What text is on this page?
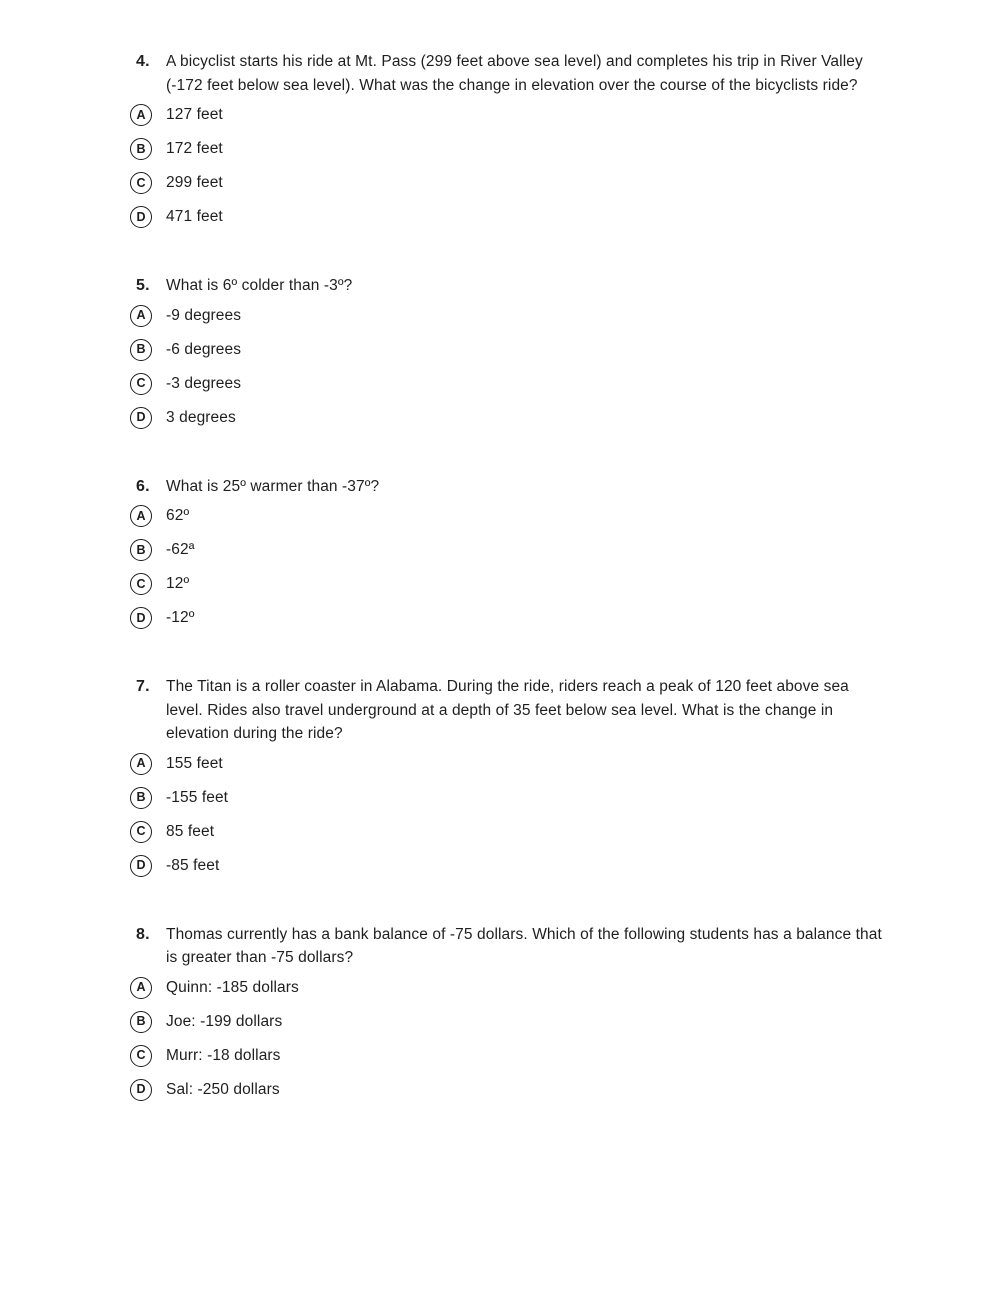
4.	A bicyclist starts his ride at Mt. Pass (299 feet above sea level) and completes his trip in River Valley (-172 feet below sea level). What was the change in elevation over the course of the bicyclists ride?
A 127 feet
B 172 feet
C 299 feet
D 471 feet
5.	What is 6º colder than -3º?
A -9 degrees
B -6 degrees
C -3 degrees
D 3 degrees
6.	What is 25º warmer than -37º?
A 62º
B -62ª
C 12º
D -12º
7.	The Titan is a roller coaster in Alabama. During the ride, riders reach a peak of 120 feet above sea level. Rides also travel underground at a depth of 35 feet below sea level. What is the change in elevation during the ride?
A 155 feet
B -155 feet
C 85 feet
D -85 feet
8.	Thomas currently has a bank balance of -75 dollars. Which of the following students has a balance that is greater than -75 dollars?
A Quinn: -185 dollars
B Joe: -199 dollars
C Murr: -18 dollars
D Sal: -250 dollars
